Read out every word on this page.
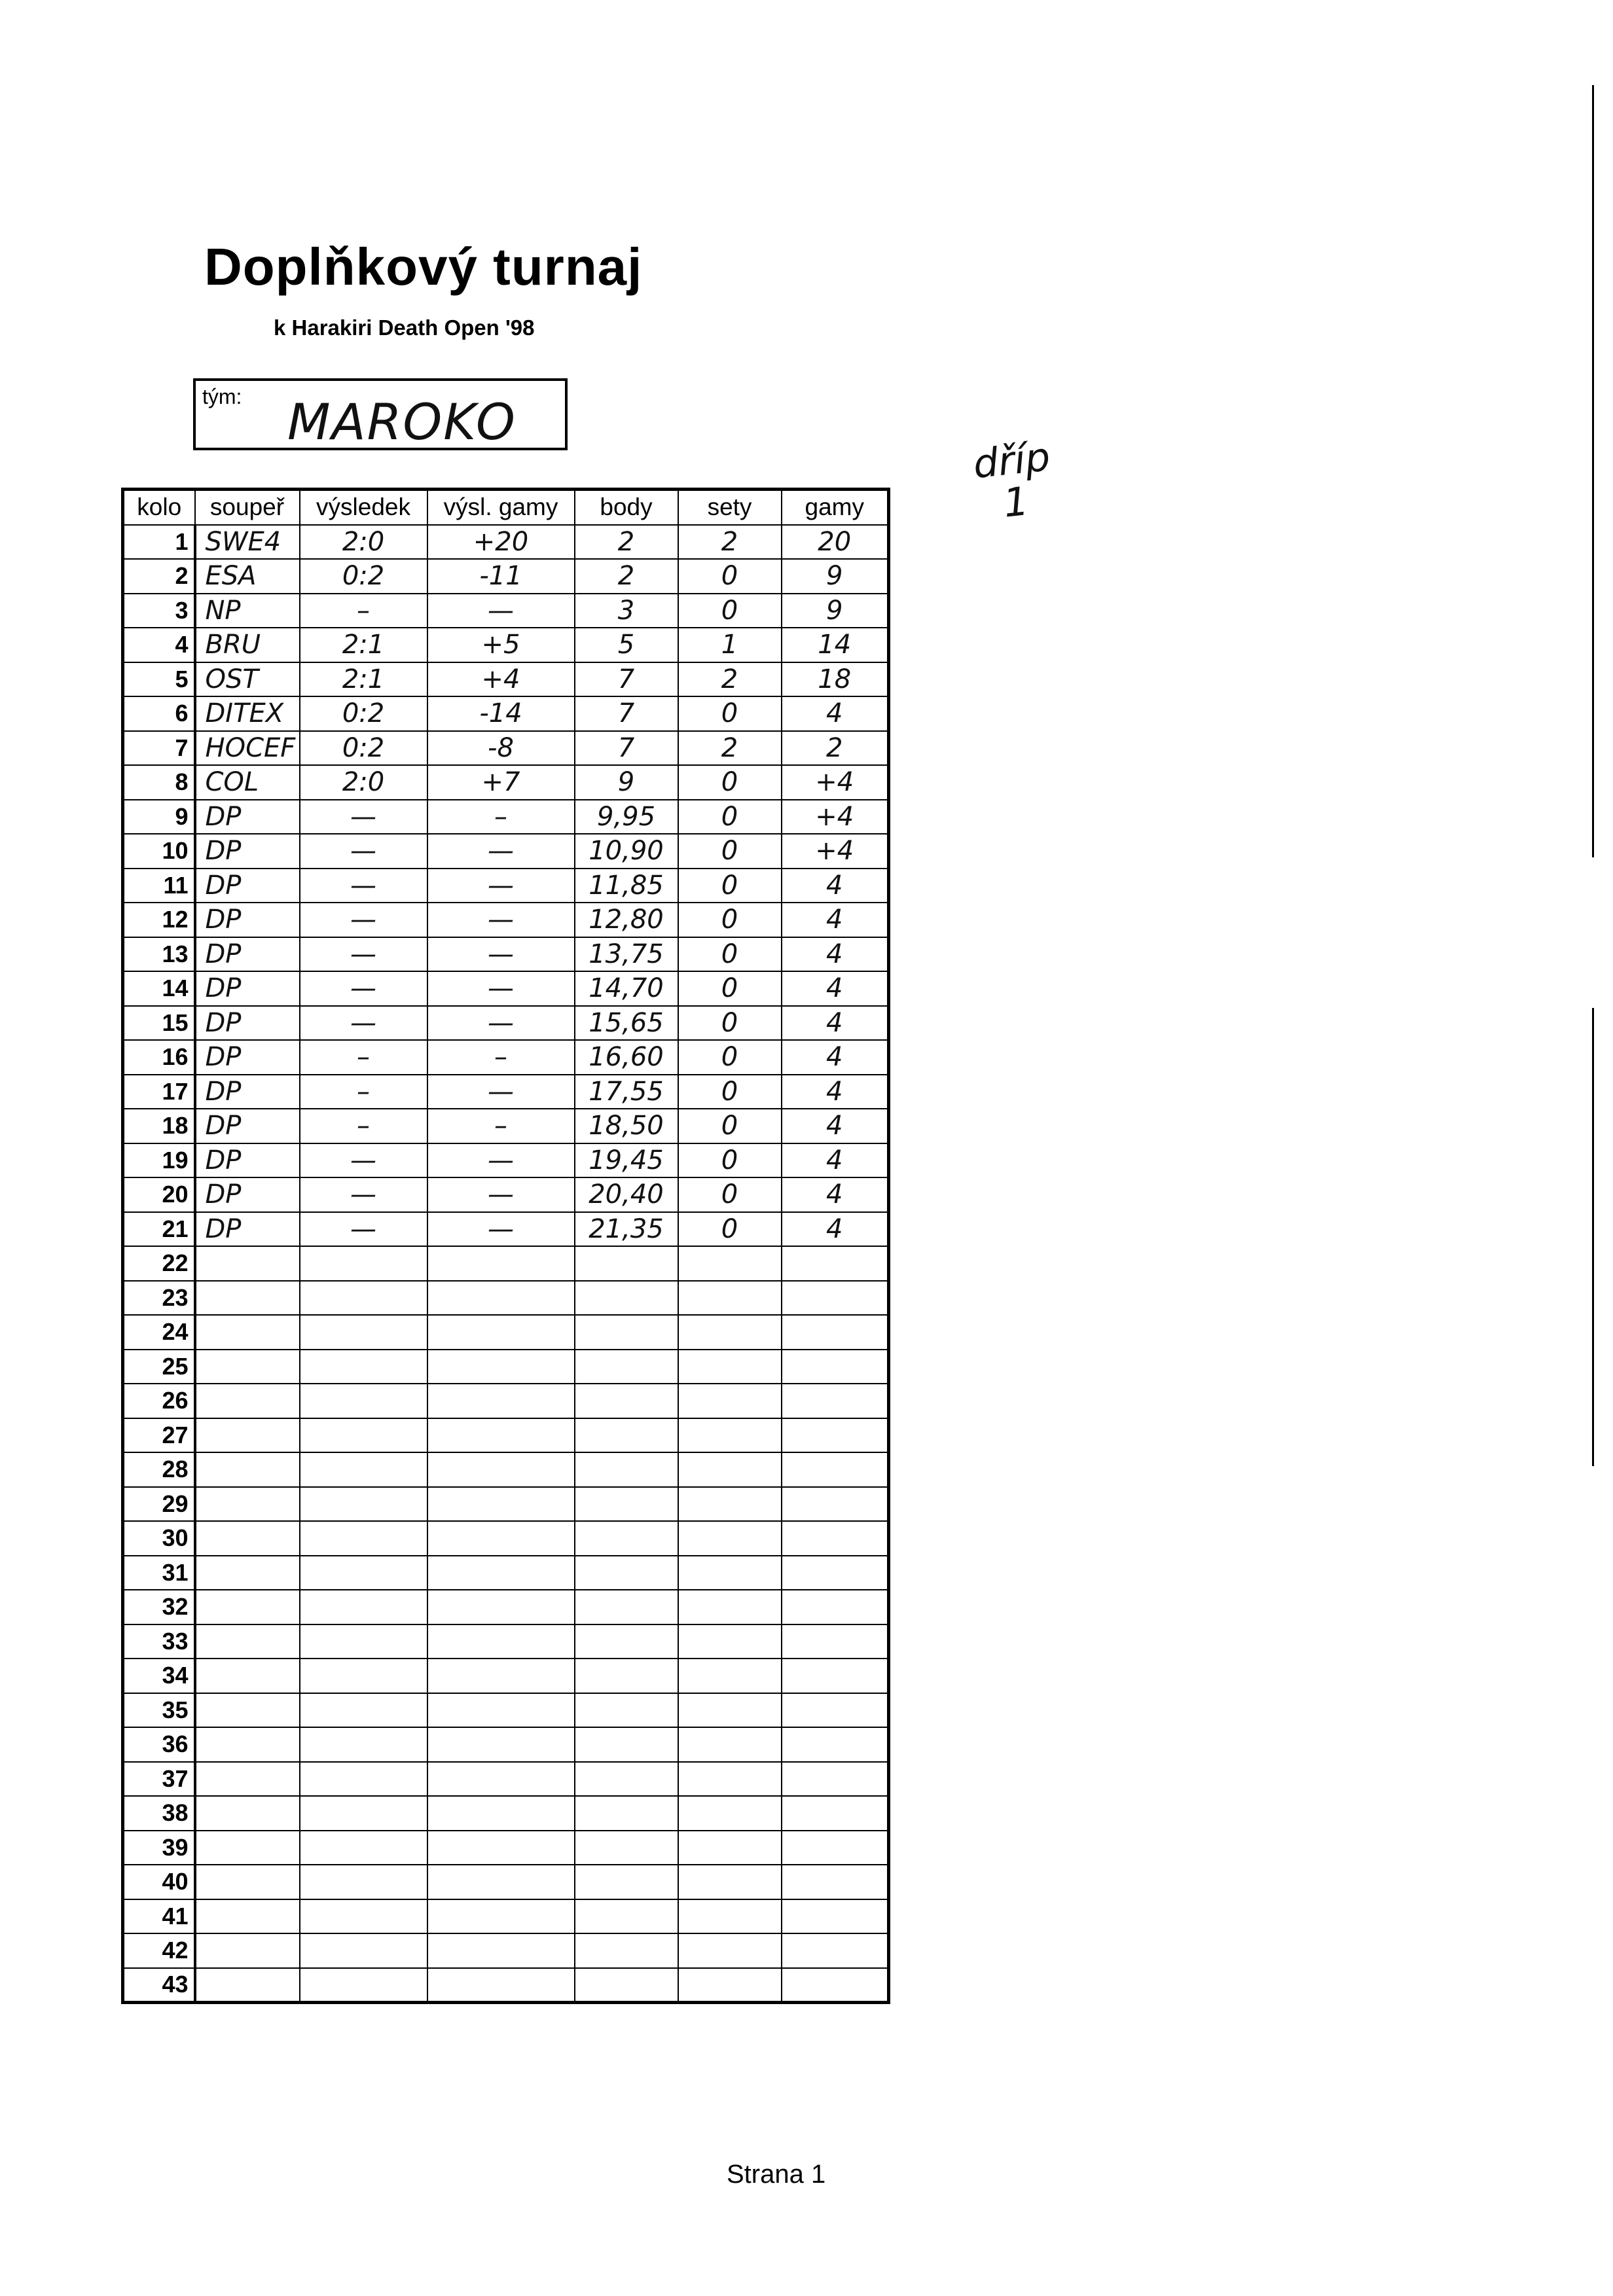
Doplňkový turnaj
k Harakiri Death Open '98
tým: MAROKO
dříp
1
kolo	soupeř	výsledek	výsl. gamy	body	sety	gamy
1	SWE4	2:0	+20	2	2	20
2	ESA	0:2	-11	2	0	9
3	NP	–	—	3	0	9
4	BRU	2:1	+5	5	1	14
5	OST	2:1	+4	7	2	18
6	DITEX	0:2	-14	7	0	4
7	HOCEF	0:2	-8	7	2	2
8	COL	2:0	+7	9	0	+4
9	DP	—	–	9,95	0	+4
10	DP	—	—	10,90	0	+4
11	DP	—	—	11,85	0	4
12	DP	—	—	12,80	0	4
13	DP	—	—	13,75	0	4
14	DP	—	—	14,70	0	4
15	DP	—	—	15,65	0	4
16	DP	–	–	16,60	0	4
17	DP	–	—	17,55	0	4
18	DP	–	–	18,50	0	4
19	DP	—	—	19,45	0	4
20	DP	—	—	20,40	0	4
21	DP	—	—	21,35	0	4
22						
23						
24						
25						
26						
27						
28						
29						
30						
31						
32						
33						
34						
35						
36						
37						
38						
39						
40						
41						
42						
43						
Strana 1
